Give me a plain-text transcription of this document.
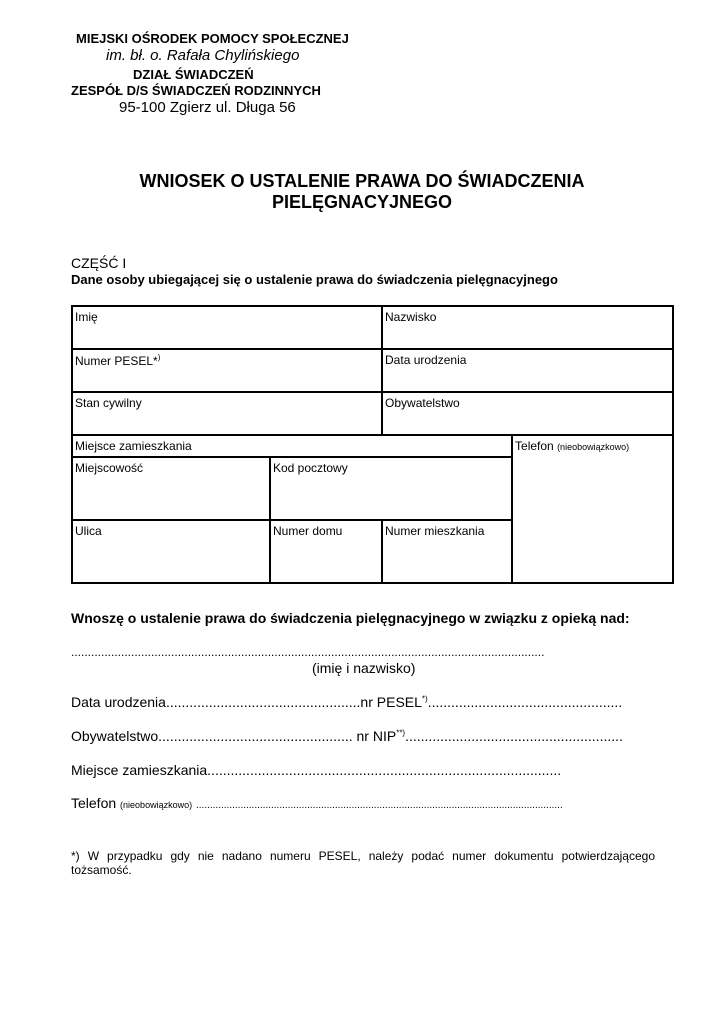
MIEJSKI OŚRODEK POMOCY SPOŁECZNEJ
im. bł. o. Rafała Chylińskiego
DZIAŁ ŚWIADCZEŃ
ZESPÓŁ D/S ŚWIADCZEŃ RODZINNYCH
95-100 Zgierz ul. Długa 56
WNIOSEK O USTALENIE PRAWA DO ŚWIADCZENIA
PIELĘGNACYJNEGO
CZĘŚĆ I
Dane osoby ubiegającej się o ustalenie prawa do świadczenia pielęgnacyjnego
Imię		Nazwisko	
Numer PESEL*)		Data urodzenia	
Stan cywilny		Obywatelstwo	
Miejsce zamieszkania			Telefon (nieobowiązkowo)
Miejscowość	Kod pocztowy		
Ulica	Numer domu	Numer mieszkania	
Wnoszę o ustalenie prawa do świadczenia pielęgnacyjnego w związku z opieką nad:
..............................................................................................................................................
(imię i nazwisko)
Data urodzenia..................................................nr PESEL*)..................................................
Obywatelstwo.................................................. nr NIP**)........................................................
Miejsce zamieszkania...........................................................................................
Telefon (nieobowiązkowo) ....................................................................................................................................
*) W przypadku gdy nie nadano numeru PESEL, należy podać numer dokumentu potwierdzającego
tożsamość.
